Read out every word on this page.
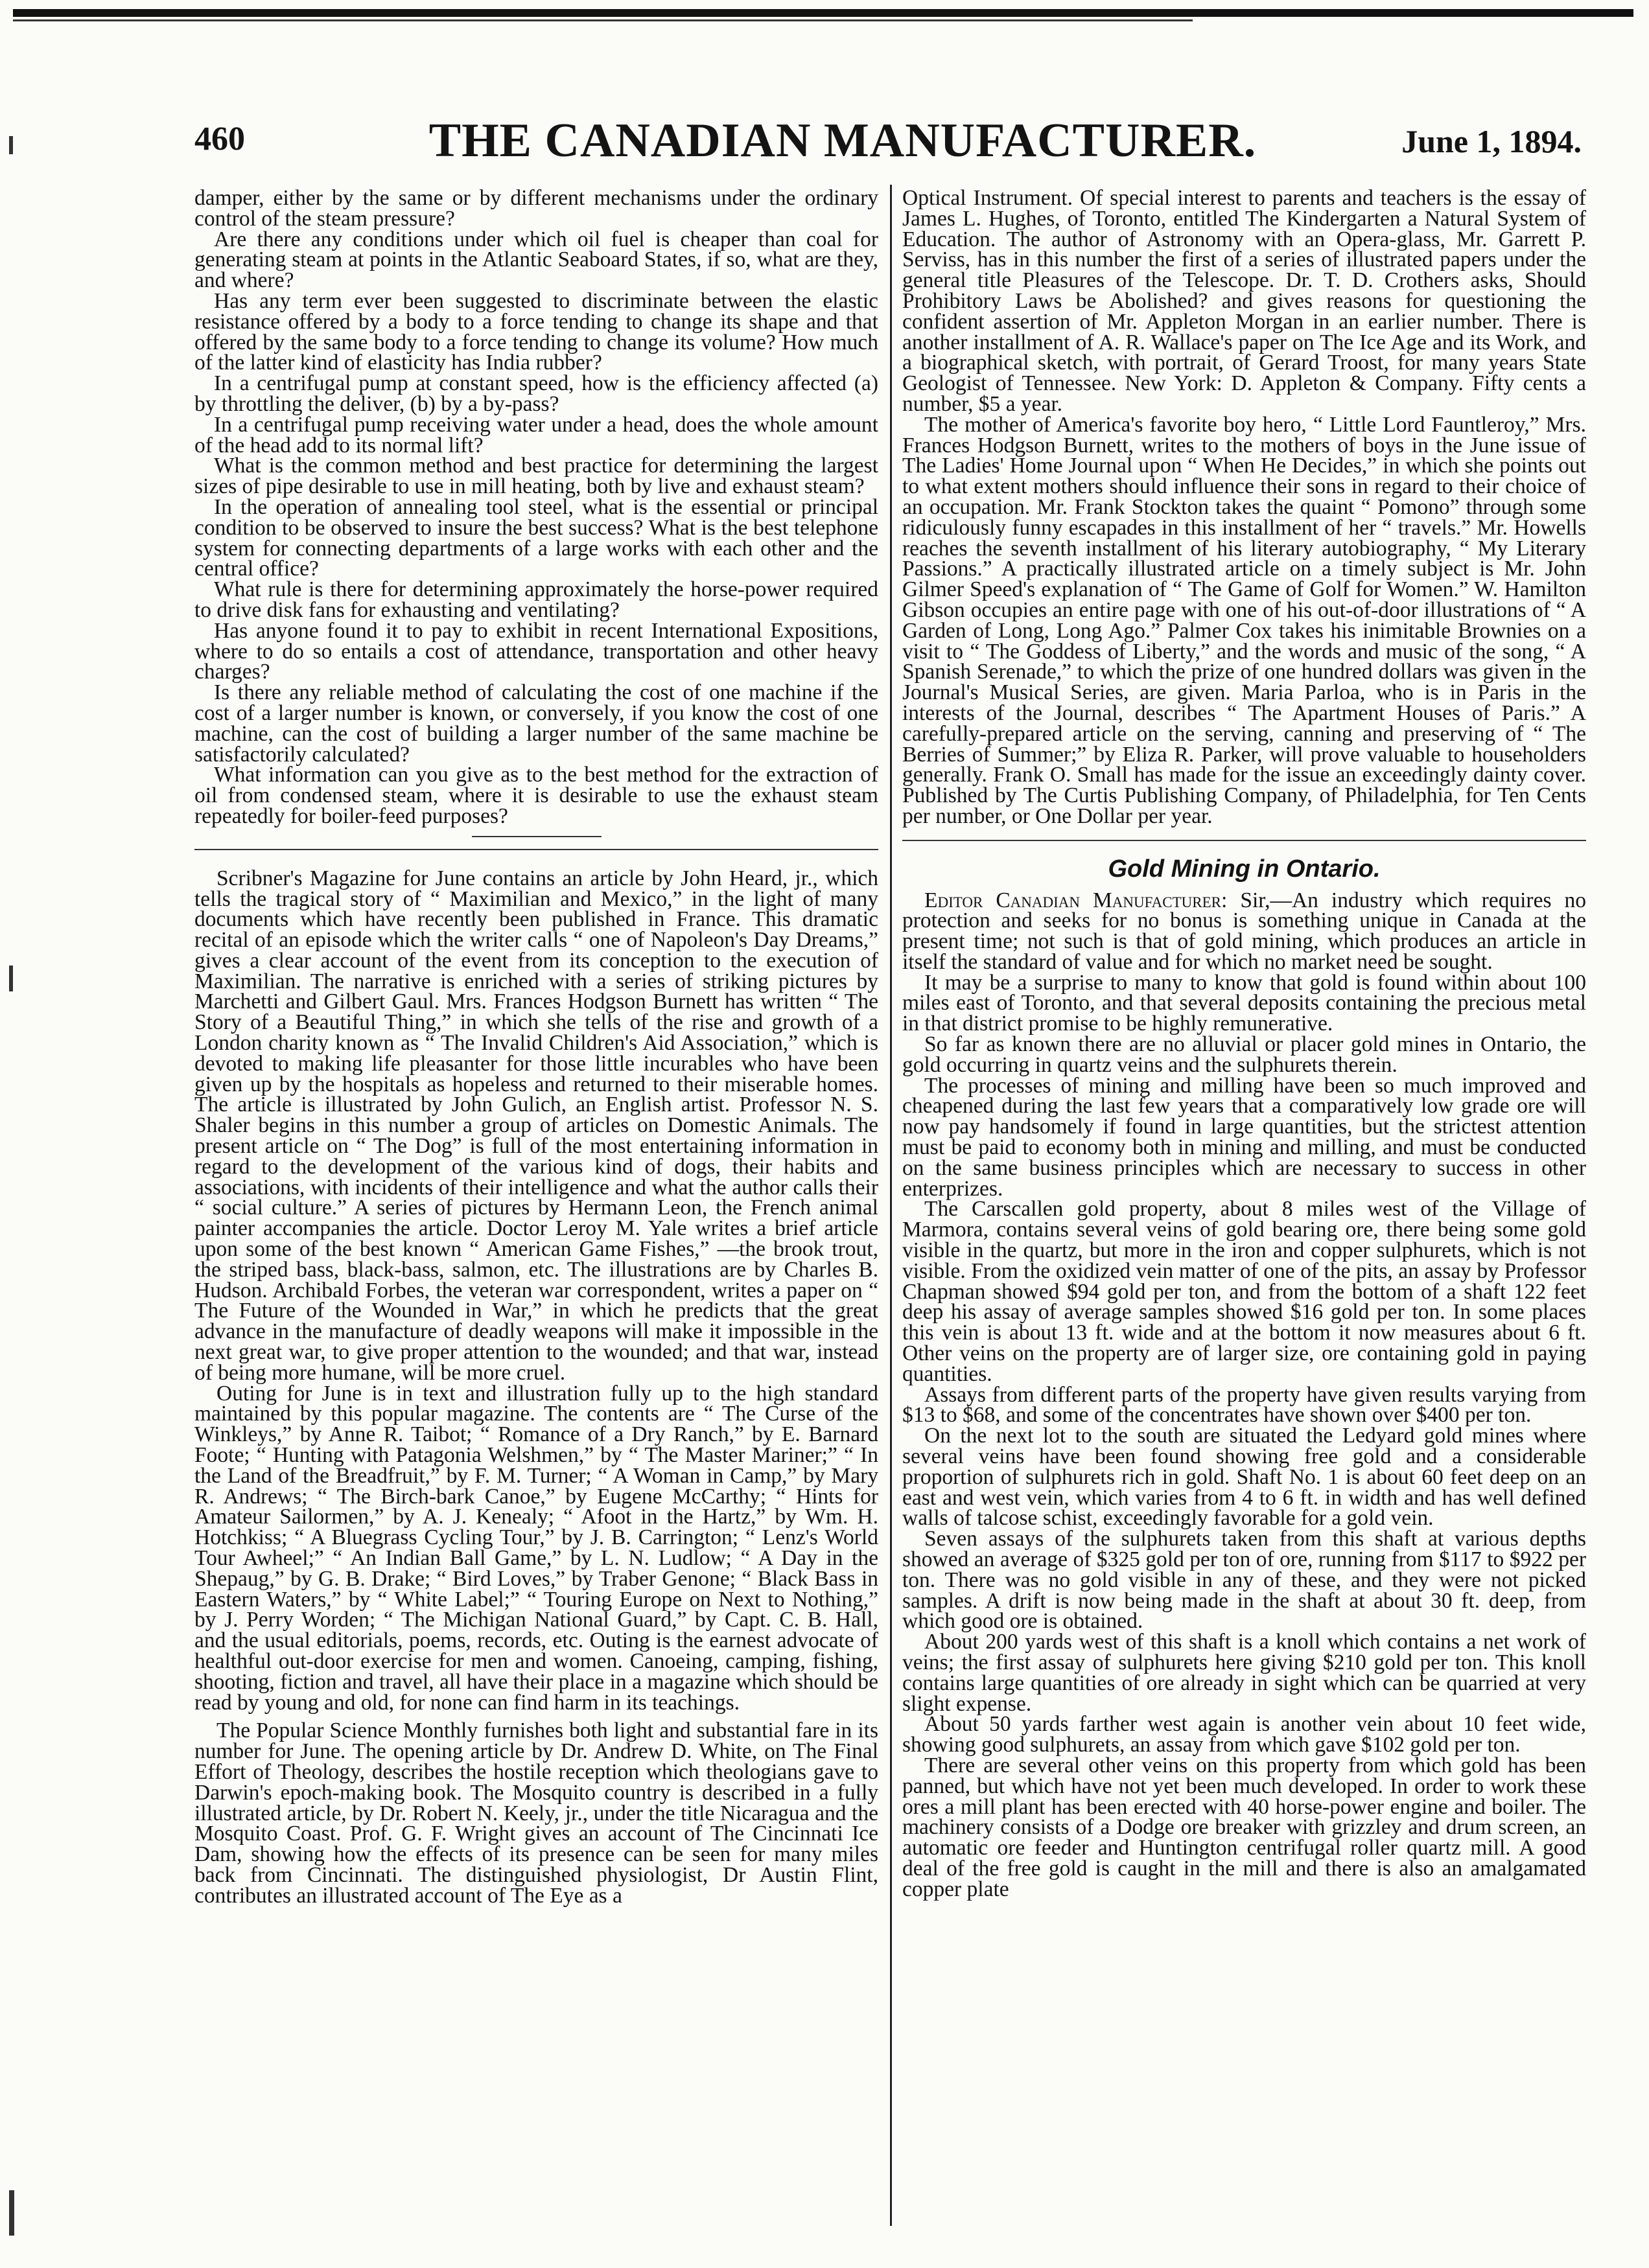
460	THE CANADIAN MANUFACTURER.	June 1, 1894.

damper, either by the same or by different mechanisms under the ordinary control of the steam pressure?

Are there any conditions under which oil fuel is cheaper than coal for generating steam at points in the Atlantic Seaboard States, if so, what are they, and where?

Has any term ever been suggested to discriminate between the elastic resistance offered by a body to a force tending to change its shape and that offered by the same body to a force tending to change its volume? How much of the latter kind of elasticity has India rubber?

In a centrifugal pump at constant speed, how is the efficiency affected (a) by throttling the deliver, (b) by a by-pass?

In a centrifugal pump receiving water under a head, does the whole amount of the head add to its normal lift?

What is the common method and best practice for determining the largest sizes of pipe desirable to use in mill heating, both by live and exhaust steam?

In the operation of annealing tool steel, what is the essential or principal condition to be observed to insure the best success? What is the best telephone system for connecting departments of a large works with each other and the central office?

What rule is there for determining approximately the horse-power required to drive disk fans for exhausting and ventilating?

Has anyone found it to pay to exhibit in recent International Expositions, where to do so entails a cost of attendance, transportation and other heavy charges?

Is there any reliable method of calculating the cost of one machine if the cost of a larger number is known, or conversely, if you know the cost of one machine, can the cost of building a larger number of the same machine be satisfactorily calculated?

What information can you give as to the best method for the extraction of oil from condensed steam, where it is desirable to use the exhaust steam repeatedly for boiler-feed purposes?

Scribner's Magazine for June contains an article by John Heard, jr., which tells the tragical story of “ Maximilian and Mexico,” in the light of many documents which have recently been published in France. This dramatic recital of an episode which the writer calls “ one of Napoleon's Day Dreams,” gives a clear account of the event from its conception to the execution of Maximilian. The narrative is enriched with a series of striking pictures by Marchetti and Gilbert Gaul. Mrs. Frances Hodgson Burnett has written “ The Story of a Beautiful Thing,” in which she tells of the rise and growth of a London charity known as “ The Invalid Children's Aid Association,” which is devoted to making life pleasanter for those little incurables who have been given up by the hospitals as hopeless and returned to their miserable homes. The article is illustrated by John Gulich, an English artist. Professor N. S. Shaler begins in this number a group of articles on Domestic Animals. The present article on “ The Dog” is full of the most entertaining information in regard to the development of the various kind of dogs, their habits and associations, with incidents of their intelligence and what the author calls their “ social culture.” A series of pictures by Hermann Leon, the French animal painter accompanies the article. Doctor Leroy M. Yale writes a brief article upon some of the best known “ American Game Fishes,” —the brook trout, the striped bass, black-bass, salmon, etc. The illustrations are by Charles B. Hudson. Archibald Forbes, the veteran war correspondent, writes a paper on “ The Future of the Wounded in War,” in which he predicts that the great advance in the manufacture of deadly weapons will make it impossible in the next great war, to give proper attention to the wounded; and that war, instead of being more humane, will be more cruel.

Outing for June is in text and illustration fully up to the high standard maintained by this popular magazine. The contents are “ The Curse of the Winkleys,” by Anne R. Taibot; “ Romance of a Dry Ranch,” by E. Barnard Foote; “ Hunting with Patagonia Welshmen,” by “ The Master Mariner;” “ In the Land of the Breadfruit,” by F. M. Turner; “ A Woman in Camp,” by Mary R. Andrews; “ The Birch-bark Canoe,” by Eugene McCarthy; “ Hints for Amateur Sailormen,” by A. J. Kenealy; “ Afoot in the Hartz,” by Wm. H. Hotchkiss; “ A Bluegrass Cycling Tour,” by J. B. Carrington; “ Lenz's World Tour Awheel;” “ An Indian Ball Game,” by L. N. Ludlow; “ A Day in the Shepaug,” by G. B. Drake; “ Bird Loves,” by Traber Genone; “ Black Bass in Eastern Waters,” by “ White Label;” “ Touring Europe on Next to Nothing,” by J. Perry Worden; “ The Michigan National Guard,” by Capt. C. B. Hall, and the usual editorials, poems, records, etc. Outing is the earnest advocate of healthful out-door exercise for men and women. Canoeing, camping, fishing, shooting, fiction and travel, all have their place in a magazine which should be read by young and old, for none can find harm in its teachings.

The Popular Science Monthly furnishes both light and substantial fare in its number for June. The opening article by Dr. Andrew D. White, on The Final Effort of Theology, describes the hostile reception which theologians gave to Darwin's epoch-making book. The Mosquito country is described in a fully illustrated article, by Dr. Robert N. Keely, jr., under the title Nicaragua and the Mosquito Coast. Prof. G. F. Wright gives an account of The Cincinnati Ice Dam, showing how the effects of its presence can be seen for many miles back from Cincinnati. The distinguished physiologist, Dr Austin Flint, contributes an illustrated account of The Eye as a

Optical Instrument. Of special interest to parents and teachers is the essay of James L. Hughes, of Toronto, entitled The Kindergarten a Natural System of Education. The author of Astronomy with an Opera-glass, Mr. Garrett P. Serviss, has in this number the first of a series of illustrated papers under the general title Pleasures of the Telescope. Dr. T. D. Crothers asks, Should Prohibitory Laws be Abolished? and gives reasons for questioning the confident assertion of Mr. Appleton Morgan in an earlier number. There is another installment of A. R. Wallace's paper on The Ice Age and its Work, and a biographical sketch, with portrait, of Gerard Troost, for many years State Geologist of Tennessee. New York: D. Appleton & Company. Fifty cents a number, $5 a year.

The mother of America's favorite boy hero, “ Little Lord Fauntleroy,” Mrs. Frances Hodgson Burnett, writes to the mothers of boys in the June issue of The Ladies' Home Journal upon “ When He Decides,” in which she points out to what extent mothers should influence their sons in regard to their choice of an occupation. Mr. Frank Stockton takes the quaint “ Pomono” through some ridiculously funny escapades in this installment of her “ travels.” Mr. Howells reaches the seventh installment of his literary autobiography, “ My Literary Passions.” A practically illustrated article on a timely subject is Mr. John Gilmer Speed's explanation of “ The Game of Golf for Women.” W. Hamilton Gibson occupies an entire page with one of his out-of-door illustrations of “ A Garden of Long, Long Ago.” Palmer Cox takes his inimitable Brownies on a visit to “ The Goddess of Liberty,” and the words and music of the song, “ A Spanish Serenade,” to which the prize of one hundred dollars was given in the Journal's Musical Series, are given. Maria Parloa, who is in Paris in the interests of the Journal, describes “ The Apartment Houses of Paris.” A carefully-prepared article on the serving, canning and preserving of “ The Berries of Summer;” by Eliza R. Parker, will prove valuable to householders generally. Frank O. Small has made for the issue an exceedingly dainty cover. Published by The Curtis Publishing Company, of Philadelphia, for Ten Cents per number, or One Dollar per year.

Gold Mining in Ontario.

Editor Canadian Manufacturer: Sir,—An industry which requires no protection and seeks for no bonus is something unique in Canada at the present time; not such is that of gold mining, which produces an article in itself the standard of value and for which no market need be sought.

It may be a surprise to many to know that gold is found within about 100 miles east of Toronto, and that several deposits containing the precious metal in that district promise to be highly remunerative.

So far as known there are no alluvial or placer gold mines in Ontario, the gold occurring in quartz veins and the sulphurets therein.

The processes of mining and milling have been so much improved and cheapened during the last few years that a comparatively low grade ore will now pay handsomely if found in large quantities, but the strictest attention must be paid to economy both in mining and milling, and must be conducted on the same business principles which are necessary to success in other enterprizes.

The Carscallen gold property, about 8 miles west of the Village of Marmora, contains several veins of gold bearing ore, there being some gold visible in the quartz, but more in the iron and copper sulphurets, which is not visible. From the oxidized vein matter of one of the pits, an assay by Professor Chapman showed $94 gold per ton, and from the bottom of a shaft 122 feet deep his assay of average samples showed $16 gold per ton. In some places this vein is about 13 ft. wide and at the bottom it now measures about 6 ft. Other veins on the property are of larger size, ore containing gold in paying quantities.

Assays from different parts of the property have given results varying from $13 to $68, and some of the concentrates have shown over $400 per ton.

On the next lot to the south are situated the Ledyard gold mines where several veins have been found showing free gold and a considerable proportion of sulphurets rich in gold. Shaft No. 1 is about 60 feet deep on an east and west vein, which varies from 4 to 6 ft. in width and has well defined walls of talcose schist, exceedingly favorable for a gold vein.

Seven assays of the sulphurets taken from this shaft at various depths showed an average of $325 gold per ton of ore, running from $117 to $922 per ton. There was no gold visible in any of these, and they were not picked samples. A drift is now being made in the shaft at about 30 ft. deep, from which good ore is obtained.

About 200 yards west of this shaft is a knoll which contains a net work of veins; the first assay of sulphurets here giving $210 gold per ton. This knoll contains large quantities of ore already in sight which can be quarried at very slight expense.

About 50 yards farther west again is another vein about 10 feet wide, showing good sulphurets, an assay from which gave $102 gold per ton.

There are several other veins on this property from which gold has been panned, but which have not yet been much developed. In order to work these ores a mill plant has been erected with 40 horse-power engine and boiler. The machinery consists of a Dodge ore breaker with grizzley and drum screen, an automatic ore feeder and Huntington centrifugal roller quartz mill. A good deal of the free gold is caught in the mill and there is also an amalgamated copper plate
